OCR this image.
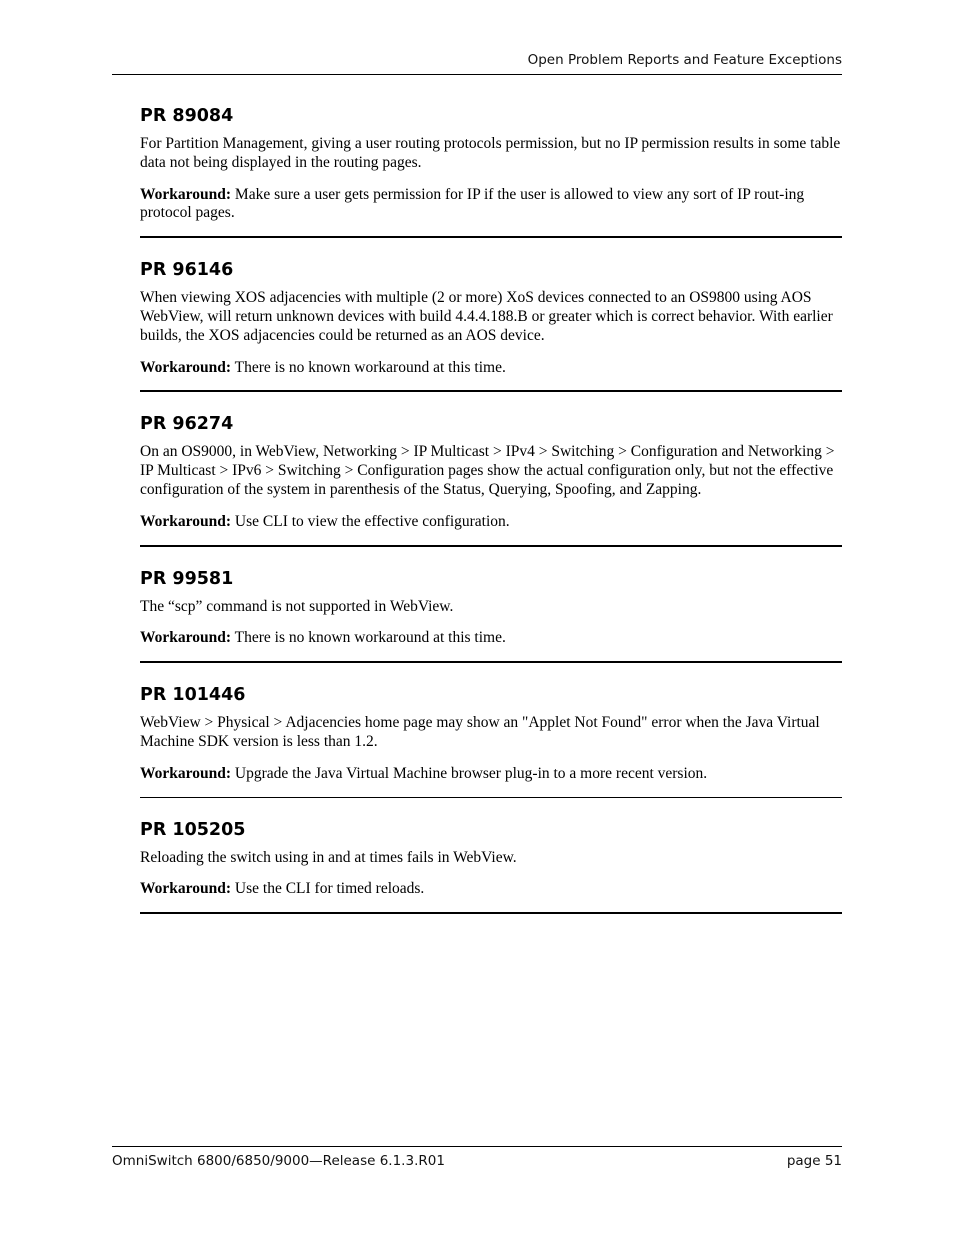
Open Problem Reports and Feature Exceptions
PR 89084

For Partition Management, giving a user routing protocols permission, but no IP permission results in some table data not being displayed in the routing pages.

Workaround: Make sure a user gets permission for IP if the user is allowed to view any sort of IP rout-ing protocol pages.

PR 96146

When viewing XOS adjacencies with multiple (2 or more) XoS devices connected to an OS9800 using AOS WebView, will return unknown devices with build 4.4.4.188.B or greater which is correct behavior. With earlier builds, the XOS adjacencies could be returned as an AOS device.

Workaround: There is no known workaround at this time.

PR 96274

On an OS9000, in WebView, Networking > IP Multicast > IPv4 > Switching > Configuration and Networking > IP Multicast > IPv6 > Switching > Configuration pages show the actual configuration only, but not the effective configuration of the system in parenthesis of the Status, Querying, Spoofing, and Zapping.

Workaround: Use CLI to view the effective configuration.

PR 99581

The “scp” command is not supported in WebView.

Workaround: There is no known workaround at this time.

PR 101446

WebView > Physical > Adjacencies home page may show an "Applet Not Found" error when the Java Virtual Machine SDK version is less than 1.2.

Workaround: Upgrade the Java Virtual Machine browser plug-in to a more recent version.

PR 105205

Reloading the switch using in and at times fails in WebView.

Workaround: Use the CLI for timed reloads.

OmniSwitch 6800/6850/9000—Release 6.1.3.R01	page 51
